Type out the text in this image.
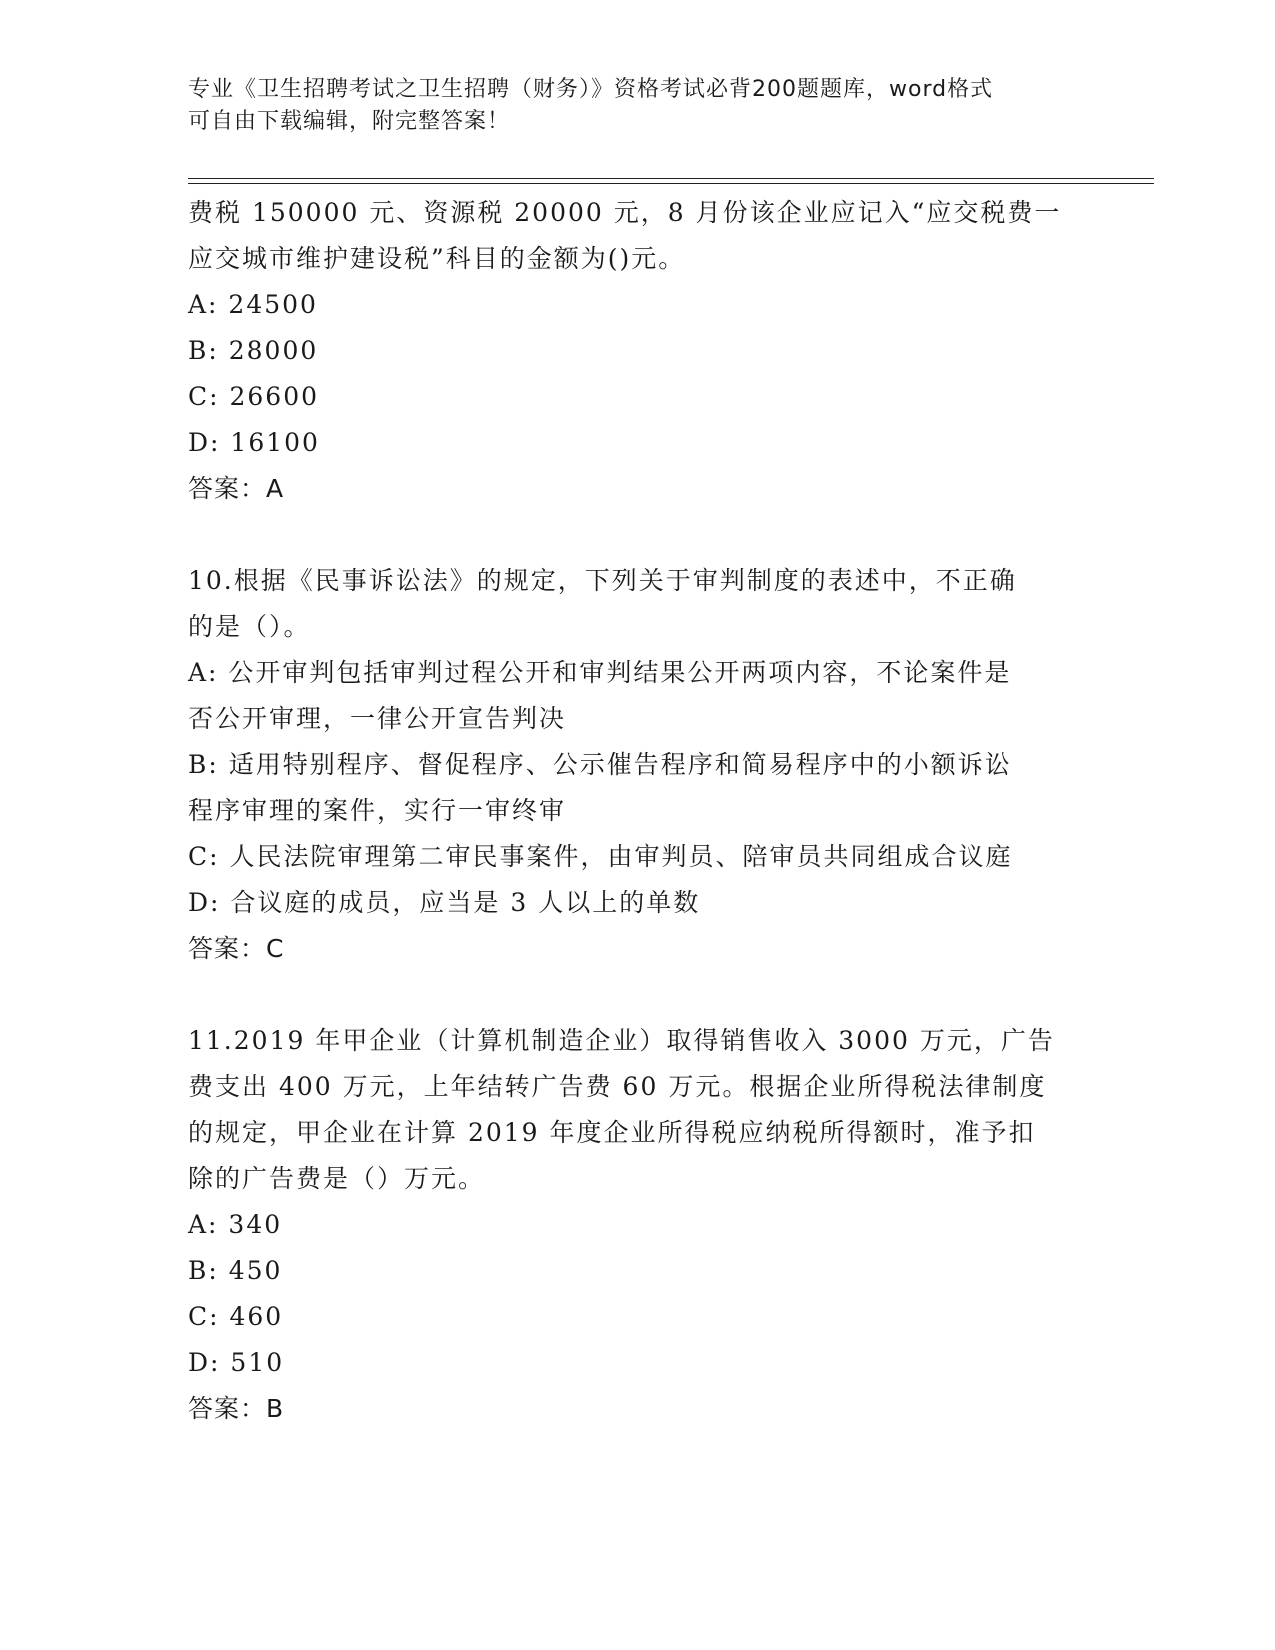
专业《卫生招聘考试之卫生招聘（财务）》资格考试必背200题题库，word格式
可自由下载编辑，附完整答案！
费税 150000 元、资源税 20000 元，8 月份该企业应记入“应交税费一
应交城市维护建设税”科目的金额为()元。
A: 24500
B: 28000
C: 26600
D: 16100
答案：A
10.根据《民事诉讼法》的规定，下列关于审判制度的表述中，不正确
的是（）。
A: 公开审判包括审判过程公开和审判结果公开两项内容，不论案件是
否公开审理，一律公开宣告判决
B: 适用特别程序、督促程序、公示催告程序和简易程序中的小额诉讼
程序审理的案件，实行一审终审
C: 人民法院审理第二审民事案件，由审判员、陪审员共同组成合议庭
D: 合议庭的成员，应当是 3 人以上的单数
答案：C
11.2019 年甲企业（计算机制造企业）取得销售收入 3000 万元，广告
费支出 400 万元，上年结转广告费 60 万元。根据企业所得税法律制度
的规定，甲企业在计算 2019 年度企业所得税应纳税所得额时，准予扣
除的广告费是（）万元。
A: 340
B: 450
C: 460
D: 510
答案：B
